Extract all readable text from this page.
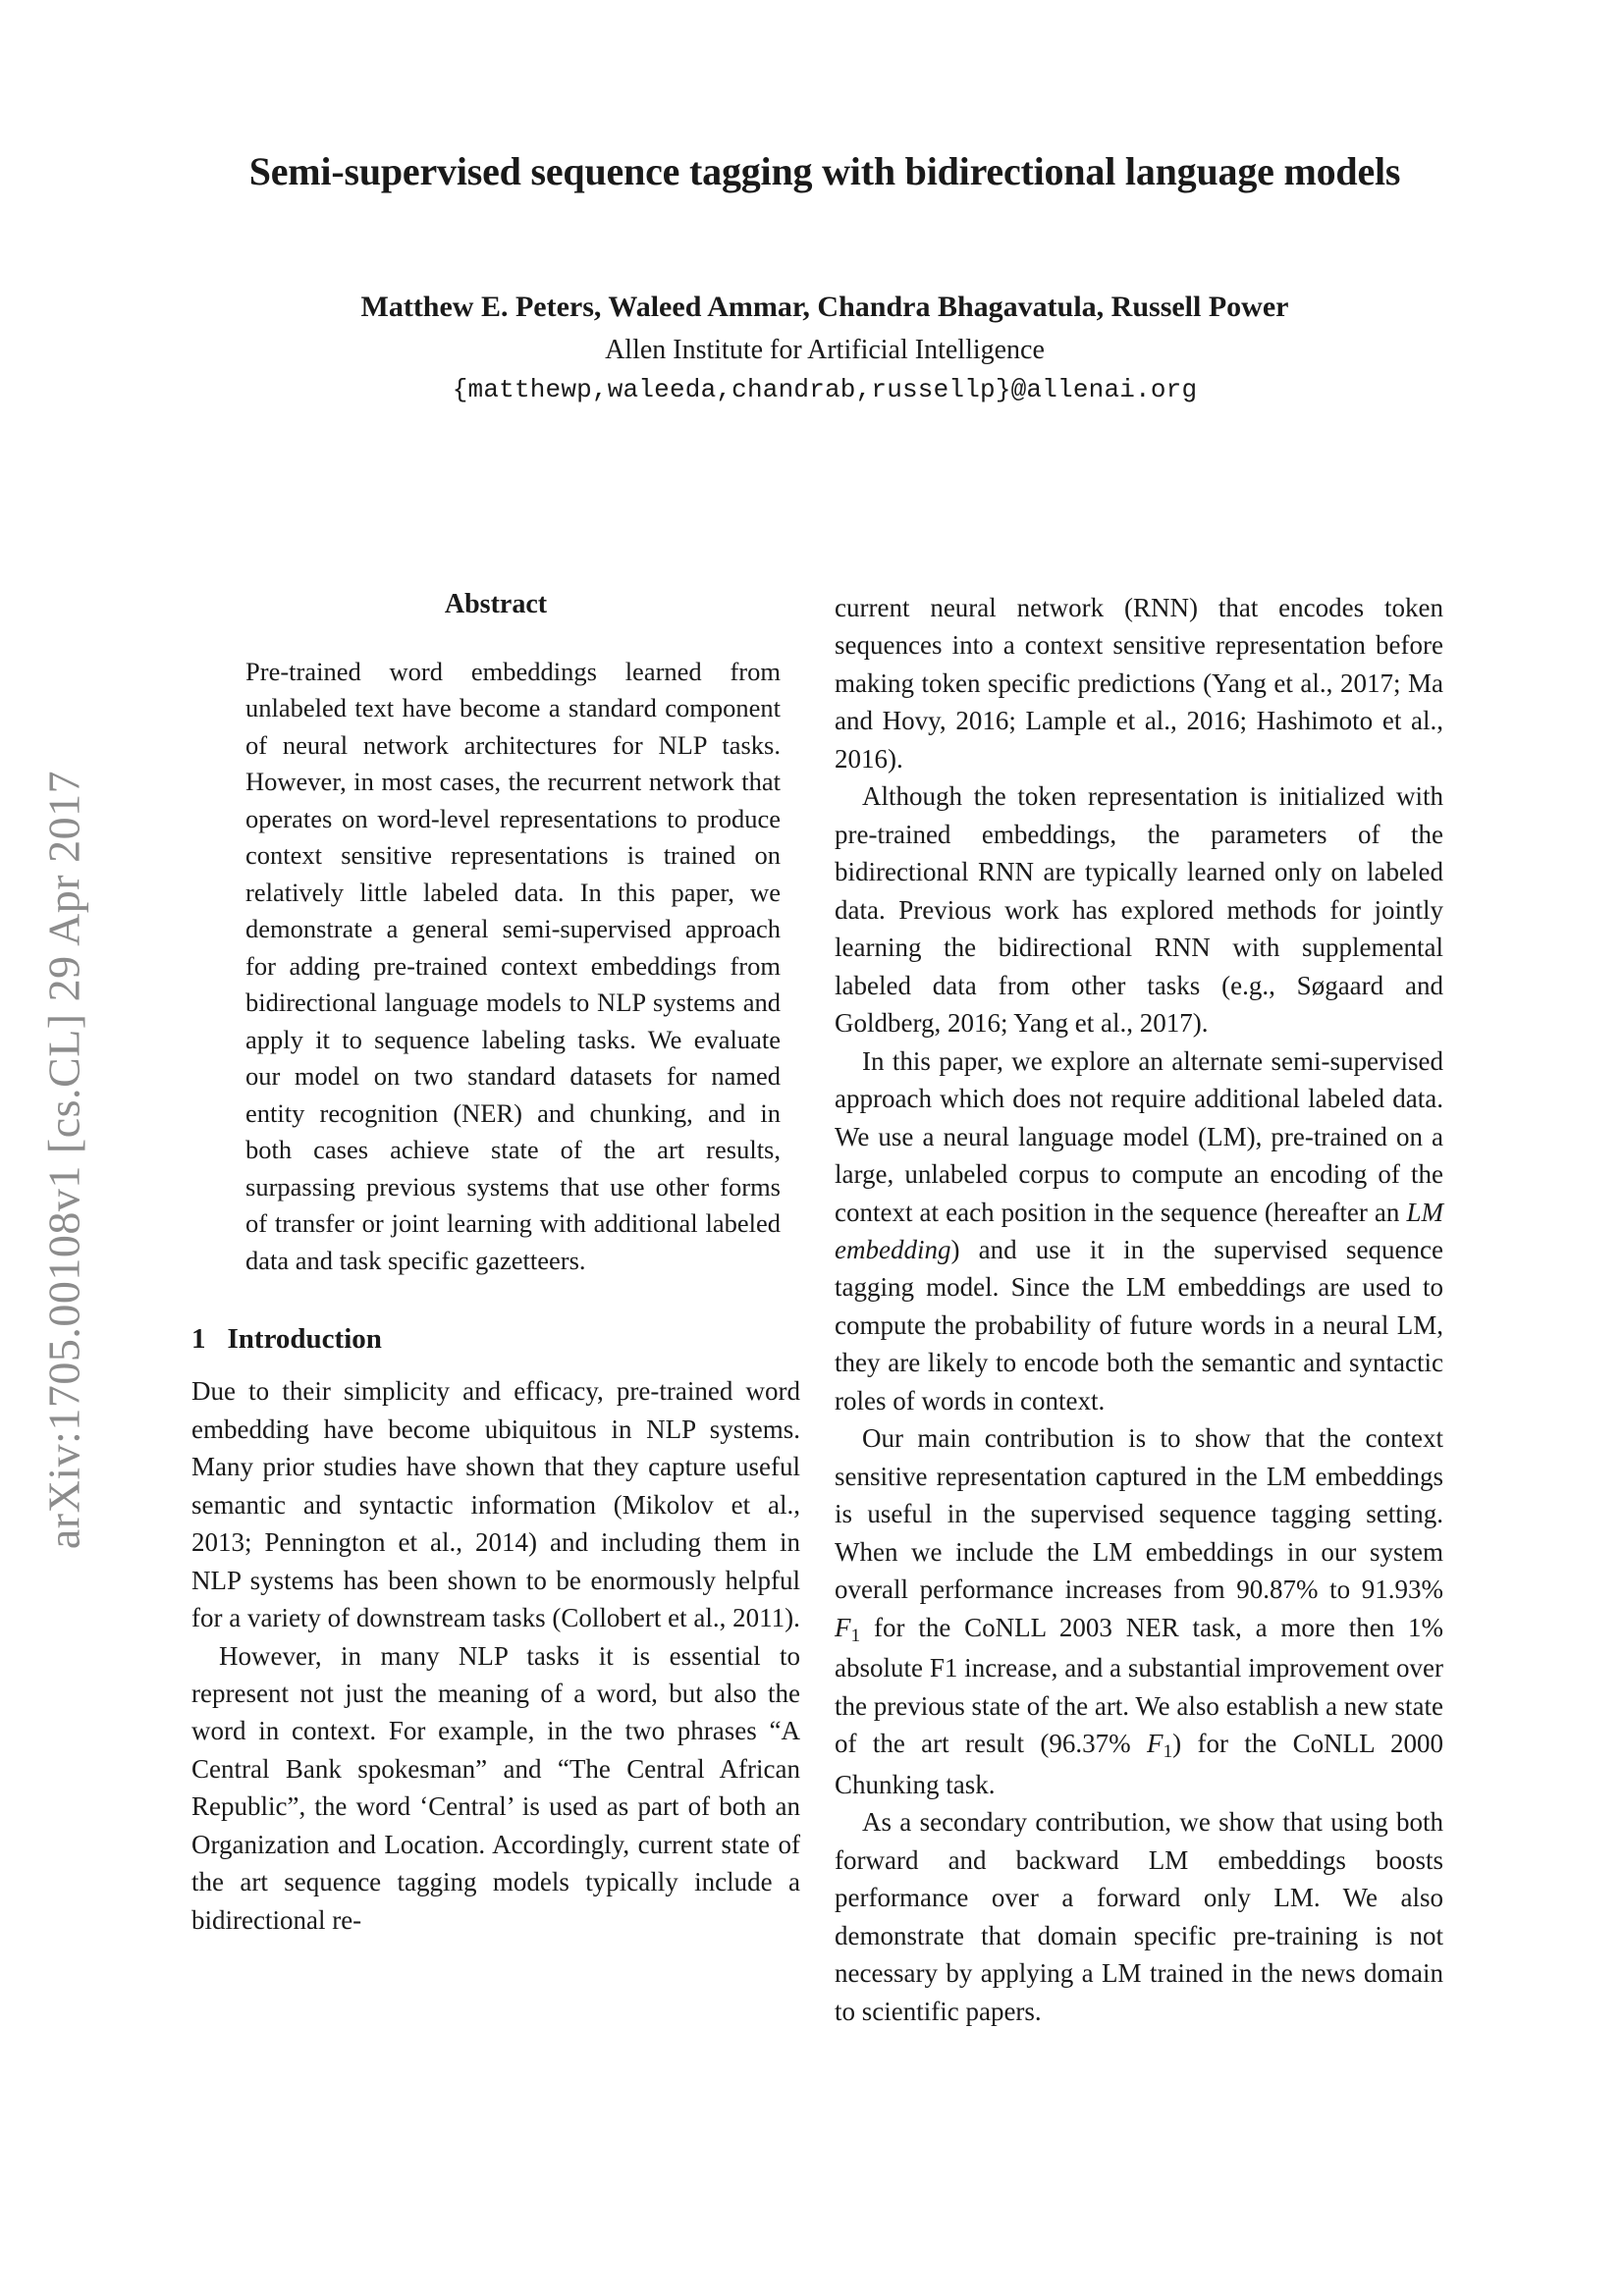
arXiv:1705.00108v1 [cs.CL] 29 Apr 2017
Semi-supervised sequence tagging with bidirectional language models
Matthew E. Peters, Waleed Ammar, Chandra Bhagavatula, Russell Power
Allen Institute for Artificial Intelligence
{matthewp,waleeda,chandrab,russellp}@allenai.org
Abstract

Pre-trained word embeddings learned from unlabeled text have become a standard component of neural network architectures for NLP tasks. However, in most cases, the recurrent network that operates on word-level representations to produce context sensitive representations is trained on relatively little labeled data. In this paper, we demonstrate a general semi-supervised approach for adding pre-trained context embeddings from bidirectional language models to NLP systems and apply it to sequence labeling tasks. We evaluate our model on two standard datasets for named entity recognition (NER) and chunking, and in both cases achieve state of the art results, surpassing previous systems that use other forms of transfer or joint learning with additional labeled data and task specific gazetteers.

1 Introduction

Due to their simplicity and efficacy, pre-trained word embedding have become ubiquitous in NLP systems. Many prior studies have shown that they capture useful semantic and syntactic information (Mikolov et al., 2013; Pennington et al., 2014) and including them in NLP systems has been shown to be enormously helpful for a variety of downstream tasks (Collobert et al., 2011).

However, in many NLP tasks it is essential to represent not just the meaning of a word, but also the word in context. For example, in the two phrases “A Central Bank spokesman” and “The Central African Republic”, the word ‘Central’ is used as part of both an Organization and Location. Accordingly, current state of the art sequence tagging models typically include a bidirectional re-

current neural network (RNN) that encodes token sequences into a context sensitive representation before making token specific predictions (Yang et al., 2017; Ma and Hovy, 2016; Lample et al., 2016; Hashimoto et al., 2016).

Although the token representation is initialized with pre-trained embeddings, the parameters of the bidirectional RNN are typically learned only on labeled data. Previous work has explored methods for jointly learning the bidirectional RNN with supplemental labeled data from other tasks (e.g., Søgaard and Goldberg, 2016; Yang et al., 2017).

In this paper, we explore an alternate semi-supervised approach which does not require additional labeled data. We use a neural language model (LM), pre-trained on a large, unlabeled corpus to compute an encoding of the context at each position in the sequence (hereafter an LM embedding) and use it in the supervised sequence tagging model. Since the LM embeddings are used to compute the probability of future words in a neural LM, they are likely to encode both the semantic and syntactic roles of words in context.

Our main contribution is to show that the context sensitive representation captured in the LM embeddings is useful in the supervised sequence tagging setting. When we include the LM embeddings in our system overall performance increases from 90.87% to 91.93% $F_1$ for the CoNLL 2003 NER task, a more then 1% absolute F1 increase, and a substantial improvement over the previous state of the art. We also establish a new state of the art result (96.37% $F_1$) for the CoNLL 2000 Chunking task.

As a secondary contribution, we show that using both forward and backward LM embeddings boosts performance over a forward only LM. We also demonstrate that domain specific pre-training is not necessary by applying a LM trained in the news domain to scientific papers.
